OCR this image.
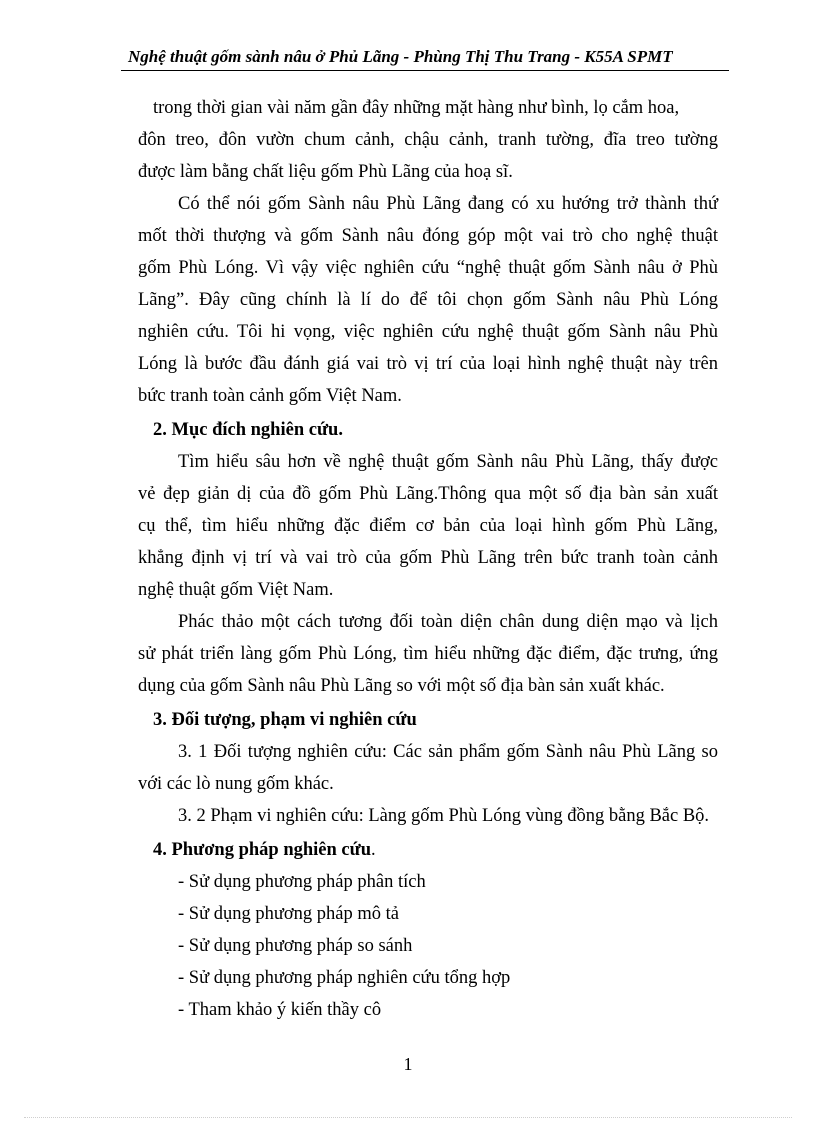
Nghệ thuật gốm sành nâu ở Phủ Lãng - Phùng Thị Thu Trang - K55A SPMT
trong thời gian vài năm gần đây những mặt hàng như bình, lọ cắm hoa,
đôn treo, đôn vườn chum cảnh, chậu cảnh, tranh tường, đĩa treo tường
được làm bằng chất liệu gốm Phù Lãng của hoạ sĩ.
Có thể nói gốm Sành nâu Phù Lãng đang có xu hướng trở thành thứ
mốt thời thượng và gốm Sành nâu đóng góp một vai trò cho nghệ thuật
gốm Phù Lóng. Vì vậy việc nghiên cứu “nghệ thuật gốm Sành nâu ở Phù
Lãng”. Đây cũng chính là lí do để tôi chọn gốm Sành nâu Phù Lóng
nghiên cứu. Tôi hi vọng, việc nghiên cứu nghệ thuật gốm Sành nâu Phù
Lóng là bước đầu đánh giá vai trò vị trí của loại hình nghệ thuật này trên
bức tranh toàn cảnh gốm Việt Nam.
2. Mục đích nghiên cứu.
Tìm hiểu sâu hơn về nghệ thuật gốm Sành nâu Phù Lãng, thấy được
vẻ đẹp giản dị của đồ gốm Phù Lãng.Thông qua một số địa bàn sản xuất
cụ thể, tìm hiểu những đặc điểm cơ bản của loại hình gốm Phù Lãng,
khẳng định vị trí và vai trò của gốm Phù Lãng trên bức tranh toàn cảnh
nghệ thuật gốm Việt Nam.
Phác thảo một cách tương đối toàn diện chân dung diện mạo và lịch
sử phát triển làng gốm Phù Lóng, tìm hiểu những đặc điểm, đặc trưng, ứng
dụng của gốm Sành nâu Phù Lãng so với một số địa bàn sản xuất khác.
3. Đối tượng, phạm vi nghiên cứu
3. 1 Đối tượng nghiên cứu: Các sản phẩm gốm Sành nâu Phù Lãng so
với các lò nung gốm khác.
3. 2 Phạm vi nghiên cứu: Làng gốm Phù Lóng vùng đồng bằng Bắc Bộ.
4. Phương pháp nghiên cứu.
- Sử dụng phương pháp phân tích
- Sử dụng phương pháp mô tả
- Sử dụng phương pháp so sánh
- Sử dụng phương pháp nghiên cứu tổng hợp
- Tham khảo ý kiến thầy cô
1
